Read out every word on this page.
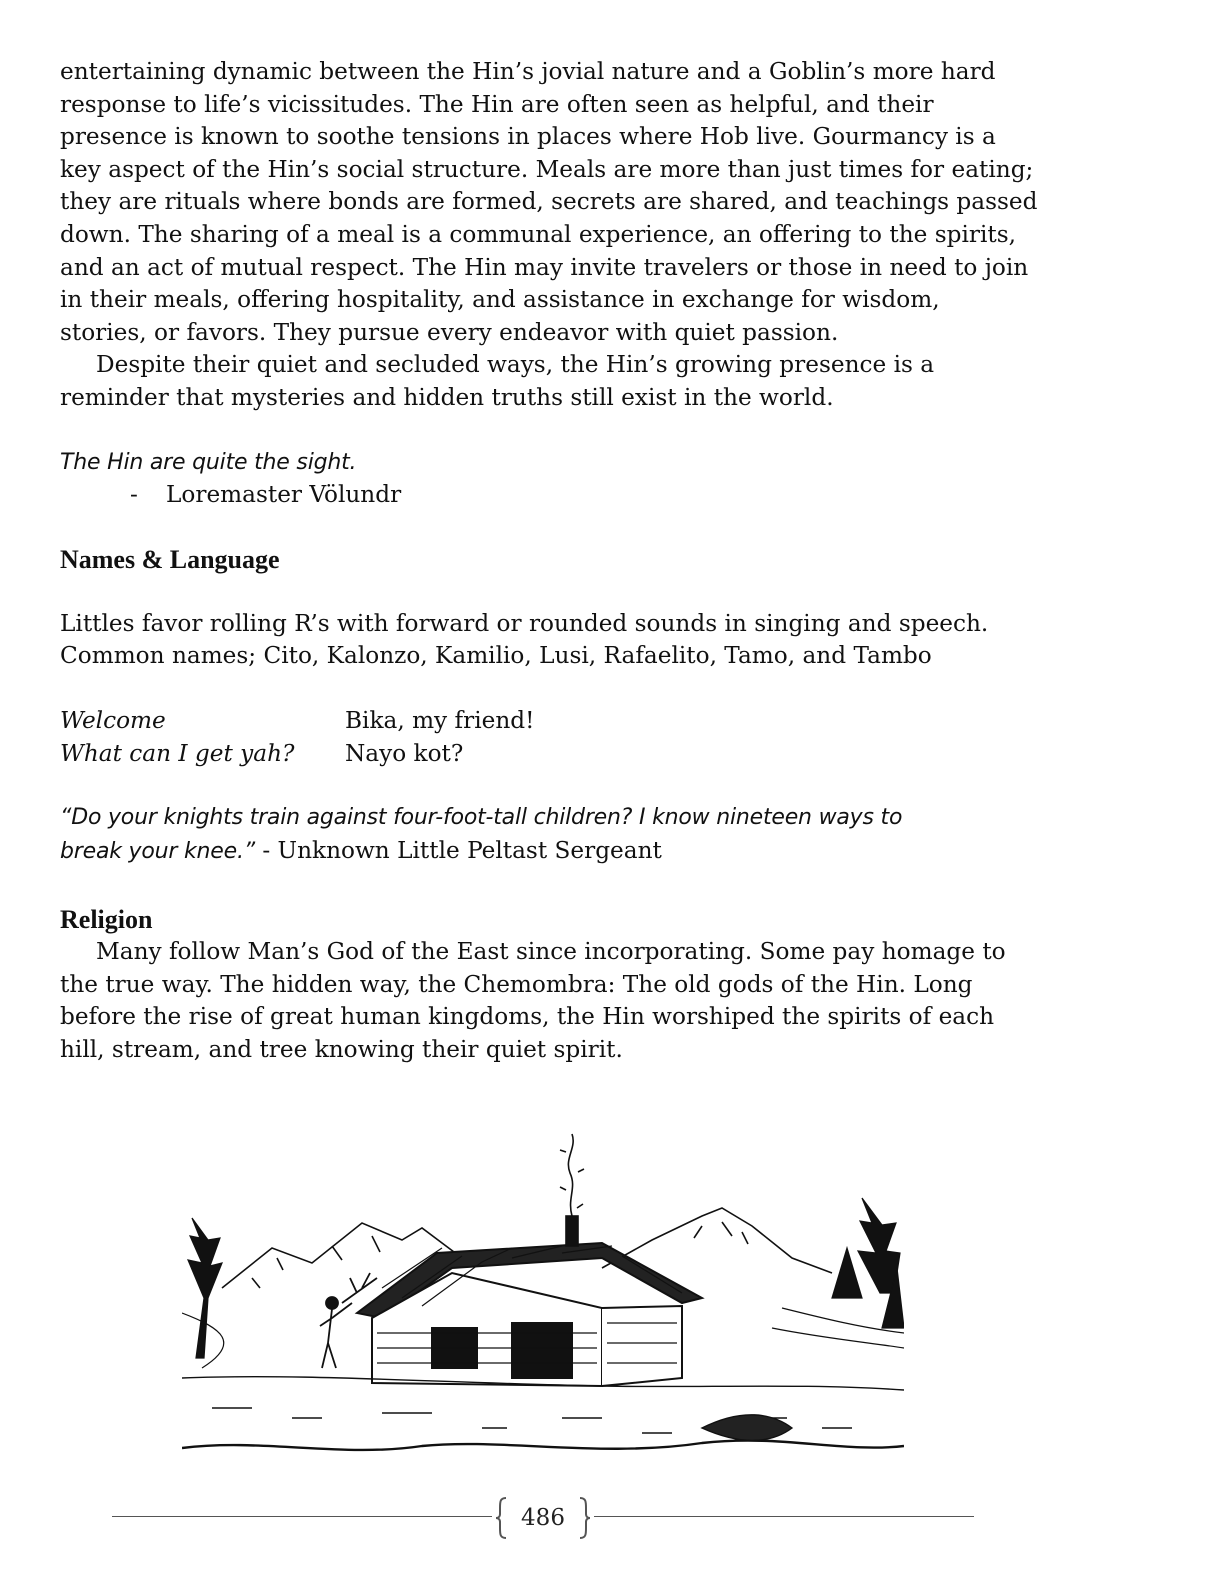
entertaining dynamic between the Hin’s jovial nature and a Goblin’s more hard
response to life’s vicissitudes. The Hin are often seen as helpful, and their
presence is known to soothe tensions in places where Hob live. Gourmancy is a
key aspect of the Hin’s social structure. Meals are more than just times for eating;
they are rituals where bonds are formed, secrets are shared, and teachings passed
down. The sharing of a meal is a communal experience, an offering to the spirits,
and an act of mutual respect. The Hin may invite travelers or those in need to join
in their meals, offering hospitality, and assistance in exchange for wisdom,
stories, or favors. They pursue every endeavor with quiet passion.

Despite their quiet and secluded ways, the Hin’s growing presence is a
reminder that mysteries and hidden truths still exist in the world.

The Hin are quite the sight.
- Loremaster Völundr
Names & Language

Littles favor rolling R’s with forward or rounded sounds in singing and speech.
Common names; Cito, Kalonzo, Kamilio, Lusi, Rafaelito, Tamo, and Tambo

Welcome	Bika, my friend!
What can I get yah?	Nayo kot?
“Do your knights train against four-foot-tall children? I know nineteen ways to
break your knee.” - Unknown Little Peltast Sergeant
Religion

Many follow Man’s God of the East since incorporating. Some pay homage to
the true way. The hidden way, the Chemombra: The old gods of the Hin. Long
before the rise of great human kingdoms, the Hin worshiped the spirits of each
hill, stream, and tree knowing their quiet spirit.

486
